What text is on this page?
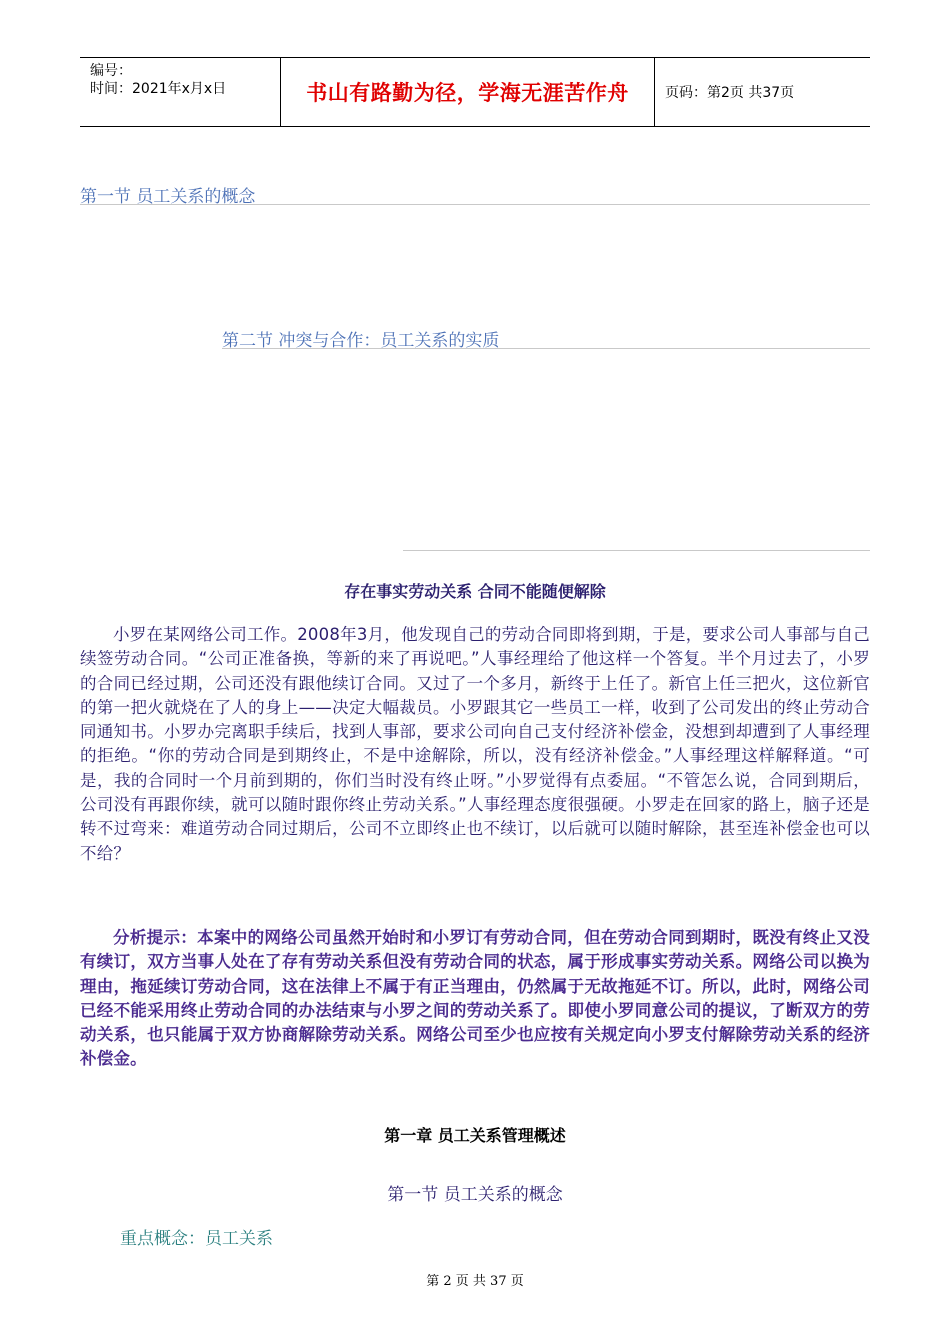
编号：
时间：2021年x月x日	书山有路勤为径，学海无涯苦作舟	页码：第2页 共37页
第一节 员工关系的概念
第二节 冲突与合作：员工关系的实质
存在事实劳动关系 合同不能随便解除
小罗在某网络公司工作。2008年3月，他发现自己的劳动合同即将到期，于是，要求公司人事部与自己续签劳动合同。“公司正准备换，等新的来了再说吧。”人事经理给了他这样一个答复。半个月过去了，小罗的合同已经过期，公司还没有跟他续订合同。又过了一个多月，新终于上任了。新官上任三把火，这位新官的第一把火就烧在了人的身上——决定大幅裁员。小罗跟其它一些员工一样，收到了公司发出的终止劳动合同通知书。小罗办完离职手续后，找到人事部，要求公司向自己支付经济补偿金，没想到却遭到了人事经理的拒绝。“你的劳动合同是到期终止，不是中途解除，所以，没有经济补偿金。”人事经理这样解释道。“可是，我的合同时一个月前到期的，你们当时没有终止呀。”小罗觉得有点委屈。“不管怎么说，合同到期后，公司没有再跟你续，就可以随时跟你终止劳动关系。”人事经理态度很强硬。小罗走在回家的路上，脑子还是转不过弯来：难道劳动合同过期后，公司不立即终止也不续订，以后就可以随时解除，甚至连补偿金也可以不给？
分析提示：本案中的网络公司虽然开始时和小罗订有劳动合同，但在劳动合同到期时，既没有终止又没有续订，双方当事人处在了存有劳动关系但没有劳动合同的状态，属于形成事实劳动关系。网络公司以换为理由，拖延续订劳动合同，这在法律上不属于有正当理由，仍然属于无故拖延不订。所以，此时，网络公司已经不能采用终止劳动合同的办法结束与小罗之间的劳动关系了。即使小罗同意公司的提议，了断双方的劳动关系，也只能属于双方协商解除劳动关系。网络公司至少也应按有关规定向小罗支付解除劳动关系的经济补偿金。
第一章 员工关系管理概述
第一节 员工关系的概念
重点概念：员工关系
第 2 页 共 37 页
